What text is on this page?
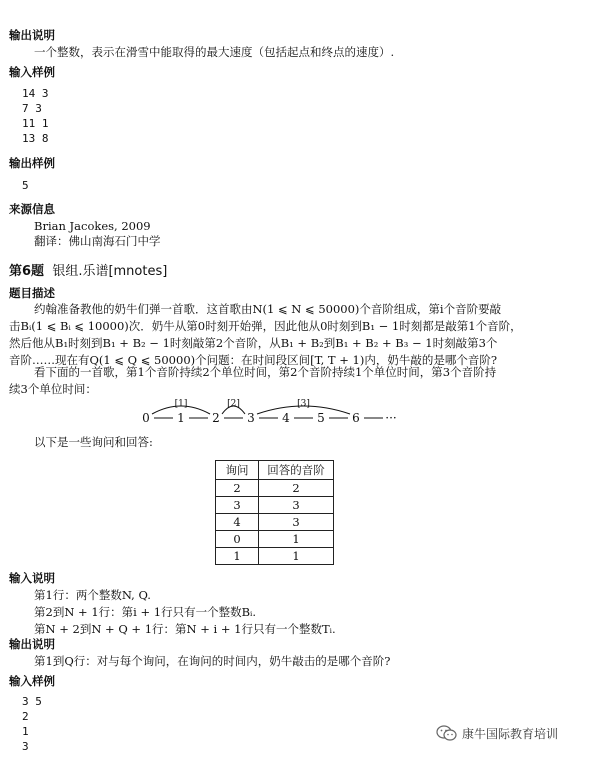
输出说明
一个整数，表示在滑雪中能取得的最大速度（包括起点和终点的速度）.
输入样例
14 3
7 3
11 1
13 8
输出样例
5
来源信息
Brian Jacokes, 2009
翻译：佛山南海石门中学
第6题 银组.乐谱[mnotes]
题目描述
约翰准备教他的奶牛们弹一首歌．这首歌由N(1 ⩽ N ⩽ 50000)个音阶组成，第i个音阶要敲
击Bᵢ(1 ⩽ Bᵢ ⩽ 10000)次．奶牛从第0时刻开始弹，因此他从0时刻到B₁ − 1时刻都是敲第1个音阶，
然后他从B₁时刻到B₁ + B₂ − 1时刻敲第2个音阶，从B₁ + B₂到B₁ + B₂ + B₃ − 1时刻敲第3个
音阶……现在有Q(1 ⩽ Q ⩽ 50000)个问题：在时间段区间[T, T + 1)内，奶牛敲的是哪个音阶?
看下面的一首歌，第1个音阶持续2个单位时间，第2个音阶持续1个单位时间，第3个音阶持
续3个单位时间：
0 1 2 3 4 5 6 ···
[1]	[2]	[3]
以下是一些询问和回答:
询问	回答的音阶
2	2
3	3
4	3
0	1
1	1
输入说明
第1行：两个整数N, Q.
第2到N + 1行：第i + 1行只有一个整数Bᵢ.
第N + 2到N + Q + 1行：第N + i + 1行只有一个整数Tᵢ.
输出说明
第1到Q行：对与每个询问，在询问的时间内，奶牛敲击的是哪个音阶?
输入样例
3 5
2
1
3
康牛国际教育培训
